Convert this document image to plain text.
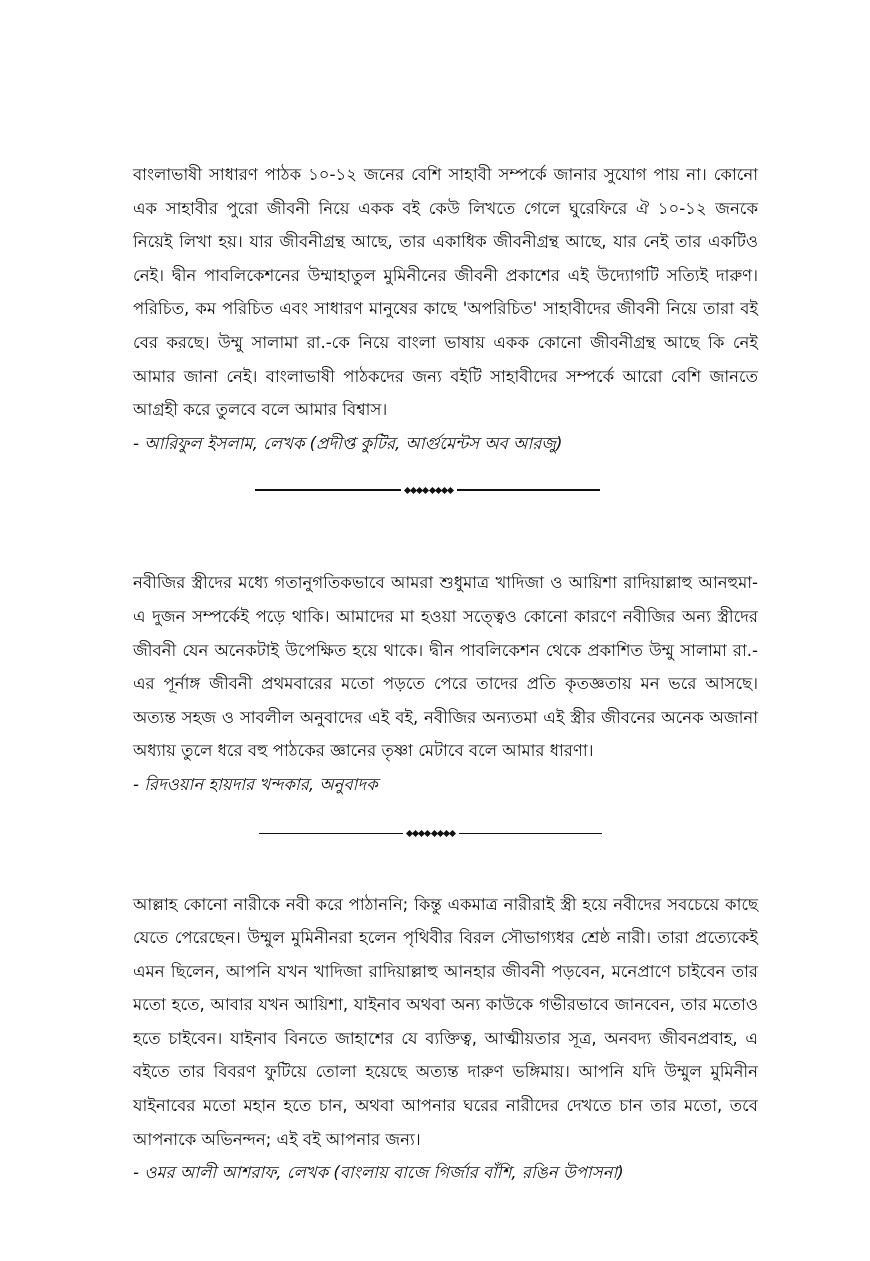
বাংলাভাষী সাধারণ পাঠক ১০-১২ জনের বেশি সাহাবী সম্পর্কে জানার সুযোগ পায় না। কোনো এক সাহাবীর পুরো জীবনী নিয়ে একক বই কেউ লিখতে গেলে ঘুরেফিরে ঐ ১০-১২ জনকে নিয়েই লিখা হয়। যার জীবনীগ্রন্থ আছে, তার একাধিক জীবনীগ্রন্থ আছে, যার নেই তার একটিও নেই। দ্বীন পাবলিকেশনের উম্মাহাতুল মুমিনীনের জীবনী প্রকাশের এই উদ্যোগটি সত্যিই দারুণ। পরিচিত, কম পরিচিত এবং সাধারণ মানুষের কাছে 'অপরিচিত' সাহাবীদের জীবনী নিয়ে তারা বই বের করছে। উম্মু সালামা রা.-কে নিয়ে বাংলা ভাষায় একক কোনো জীবনীগ্রন্থ আছে কি নেই আমার জানা নেই। বাংলাভাষী পাঠকদের জন্য বইটি সাহাবীদের সম্পর্কে আরো বেশি জানতে আগ্রহী করে তুলবে বলে আমার বিশ্বাস।

- আরিফুল ইসলাম, লেখক (প্রদীপ্ত কুটির, আর্গুমেন্টস অব আরজু)

নবীজির স্ত্রীদের মধ্যে গতানুগতিকভাবে আমরা শুধুমাত্র খাদিজা ও আয়িশা রাদিয়াল্লাহু আনহুমা-এ দুজন সম্পর্কেই পড়ে থাকি। আমাদের মা হওয়া সত্ত্বেও কোনো কারণে নবীজির অন্য স্ত্রীদের জীবনী যেন অনেকটাই উপেক্ষিত হয়ে থাকে। দ্বীন পাবলিকেশন থেকে প্রকাশিত উম্মু সালামা রা.-এর পূর্নাঙ্গ জীবনী প্রথমবারের মতো পড়তে পেরে তাদের প্রতি কৃতজ্ঞতায় মন ভরে আসছে। অত্যন্ত সহজ ও সাবলীল অনুবাদের এই বই, নবীজির অন্যতমা এই স্ত্রীর জীবনের অনেক অজানা অধ্যায় তুলে ধরে বহু পাঠকের জ্ঞানের তৃষ্ণা মেটাবে বলে আমার ধারণা।

- রিদওয়ান হায়দার খন্দকার, অনুবাদক

আল্লাহ কোনো নারীকে নবী করে পাঠাননি; কিন্তু একমাত্র নারীরাই স্ত্রী হয়ে নবীদের সবচেয়ে কাছে যেতে পেরেছেন। উম্মুল মুমিনীনরা হলেন পৃথিবীর বিরল সৌভাগ্যধর শ্রেষ্ঠ নারী। তারা প্রত্যেকেই এমন ছিলেন, আপনি যখন খাদিজা রাদিয়াল্লাহু আনহার জীবনী পড়বেন, মনেপ্রাণে চাইবেন তার মতো হতে, আবার যখন আয়িশা, যাইনাব অথবা অন্য কাউকে গভীরভাবে জানবেন, তার মতোও হতে চাইবেন। যাইনাব বিনতে জাহাশের যে ব্যক্তিত্ব, আত্মীয়তার সূত্র, অনবদ্য জীবনপ্রবাহ, এ বইতে তার বিবরণ ফুটিয়ে তোলা হয়েছে অত্যন্ত দারুণ ভঙ্গিমায়। আপনি যদি উম্মুল মুমিনীন যাইনাবের মতো মহান হতে চান, অথবা আপনার ঘরের নারীদের দেখতে চান তার মতো, তবে আপনাকে অভিনন্দন; এই বই আপনার জন্য।

- ওমর আলী আশরাফ, লেখক (বাংলায় বাজে গির্জার বাঁশি, রঙিন উপাসনা)
